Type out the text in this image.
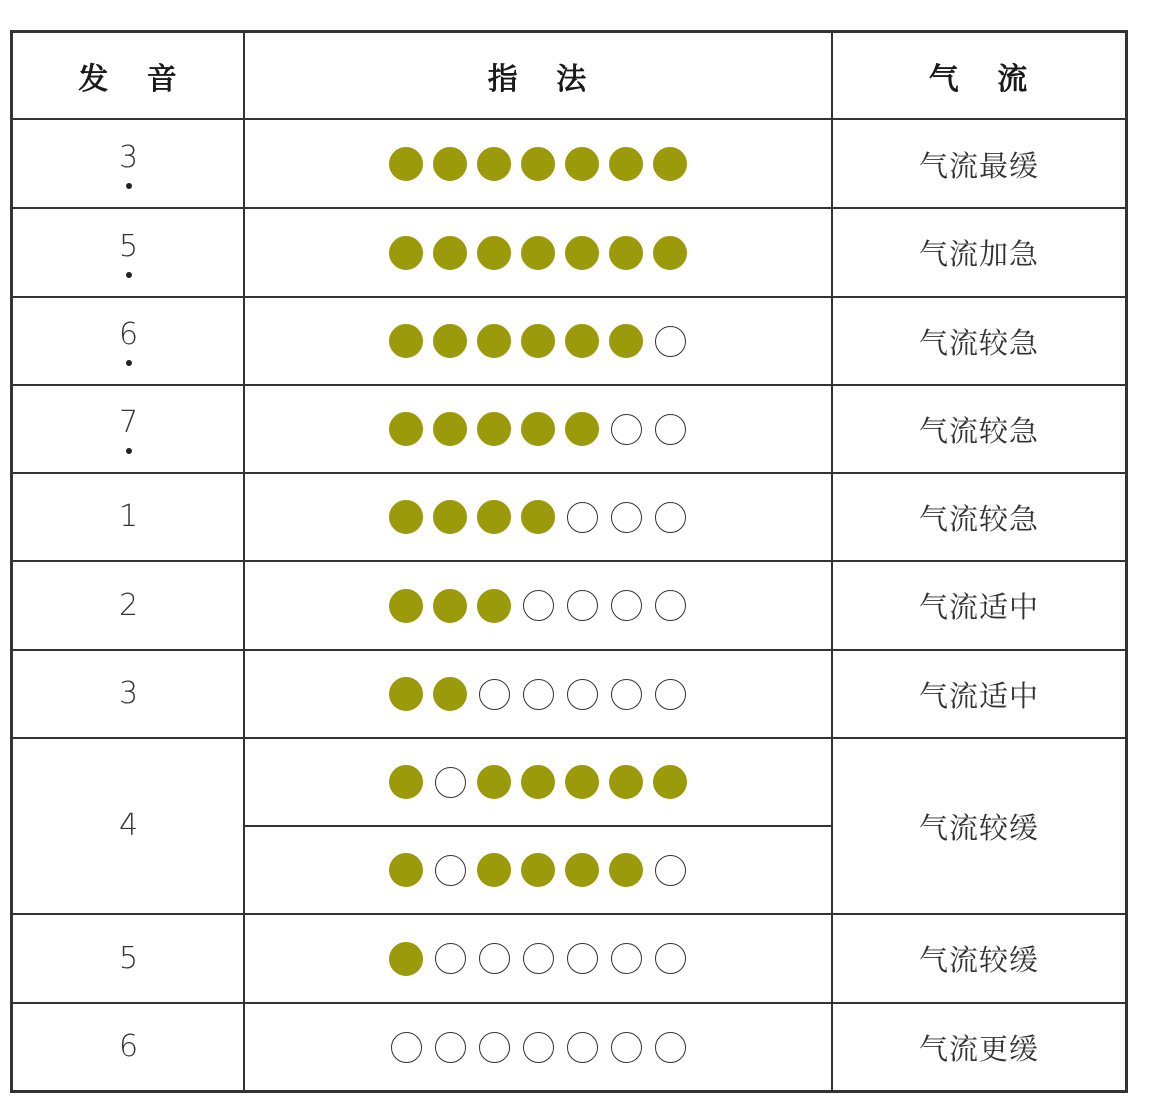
发 音	指 法	气 流
3	气流最缓
5	气流加急
6	气流较急
7	气流较急
1	气流较急
2	气流适中
3	气流适中
4	气流较缓
5	气流较缓
6	气流更缓
